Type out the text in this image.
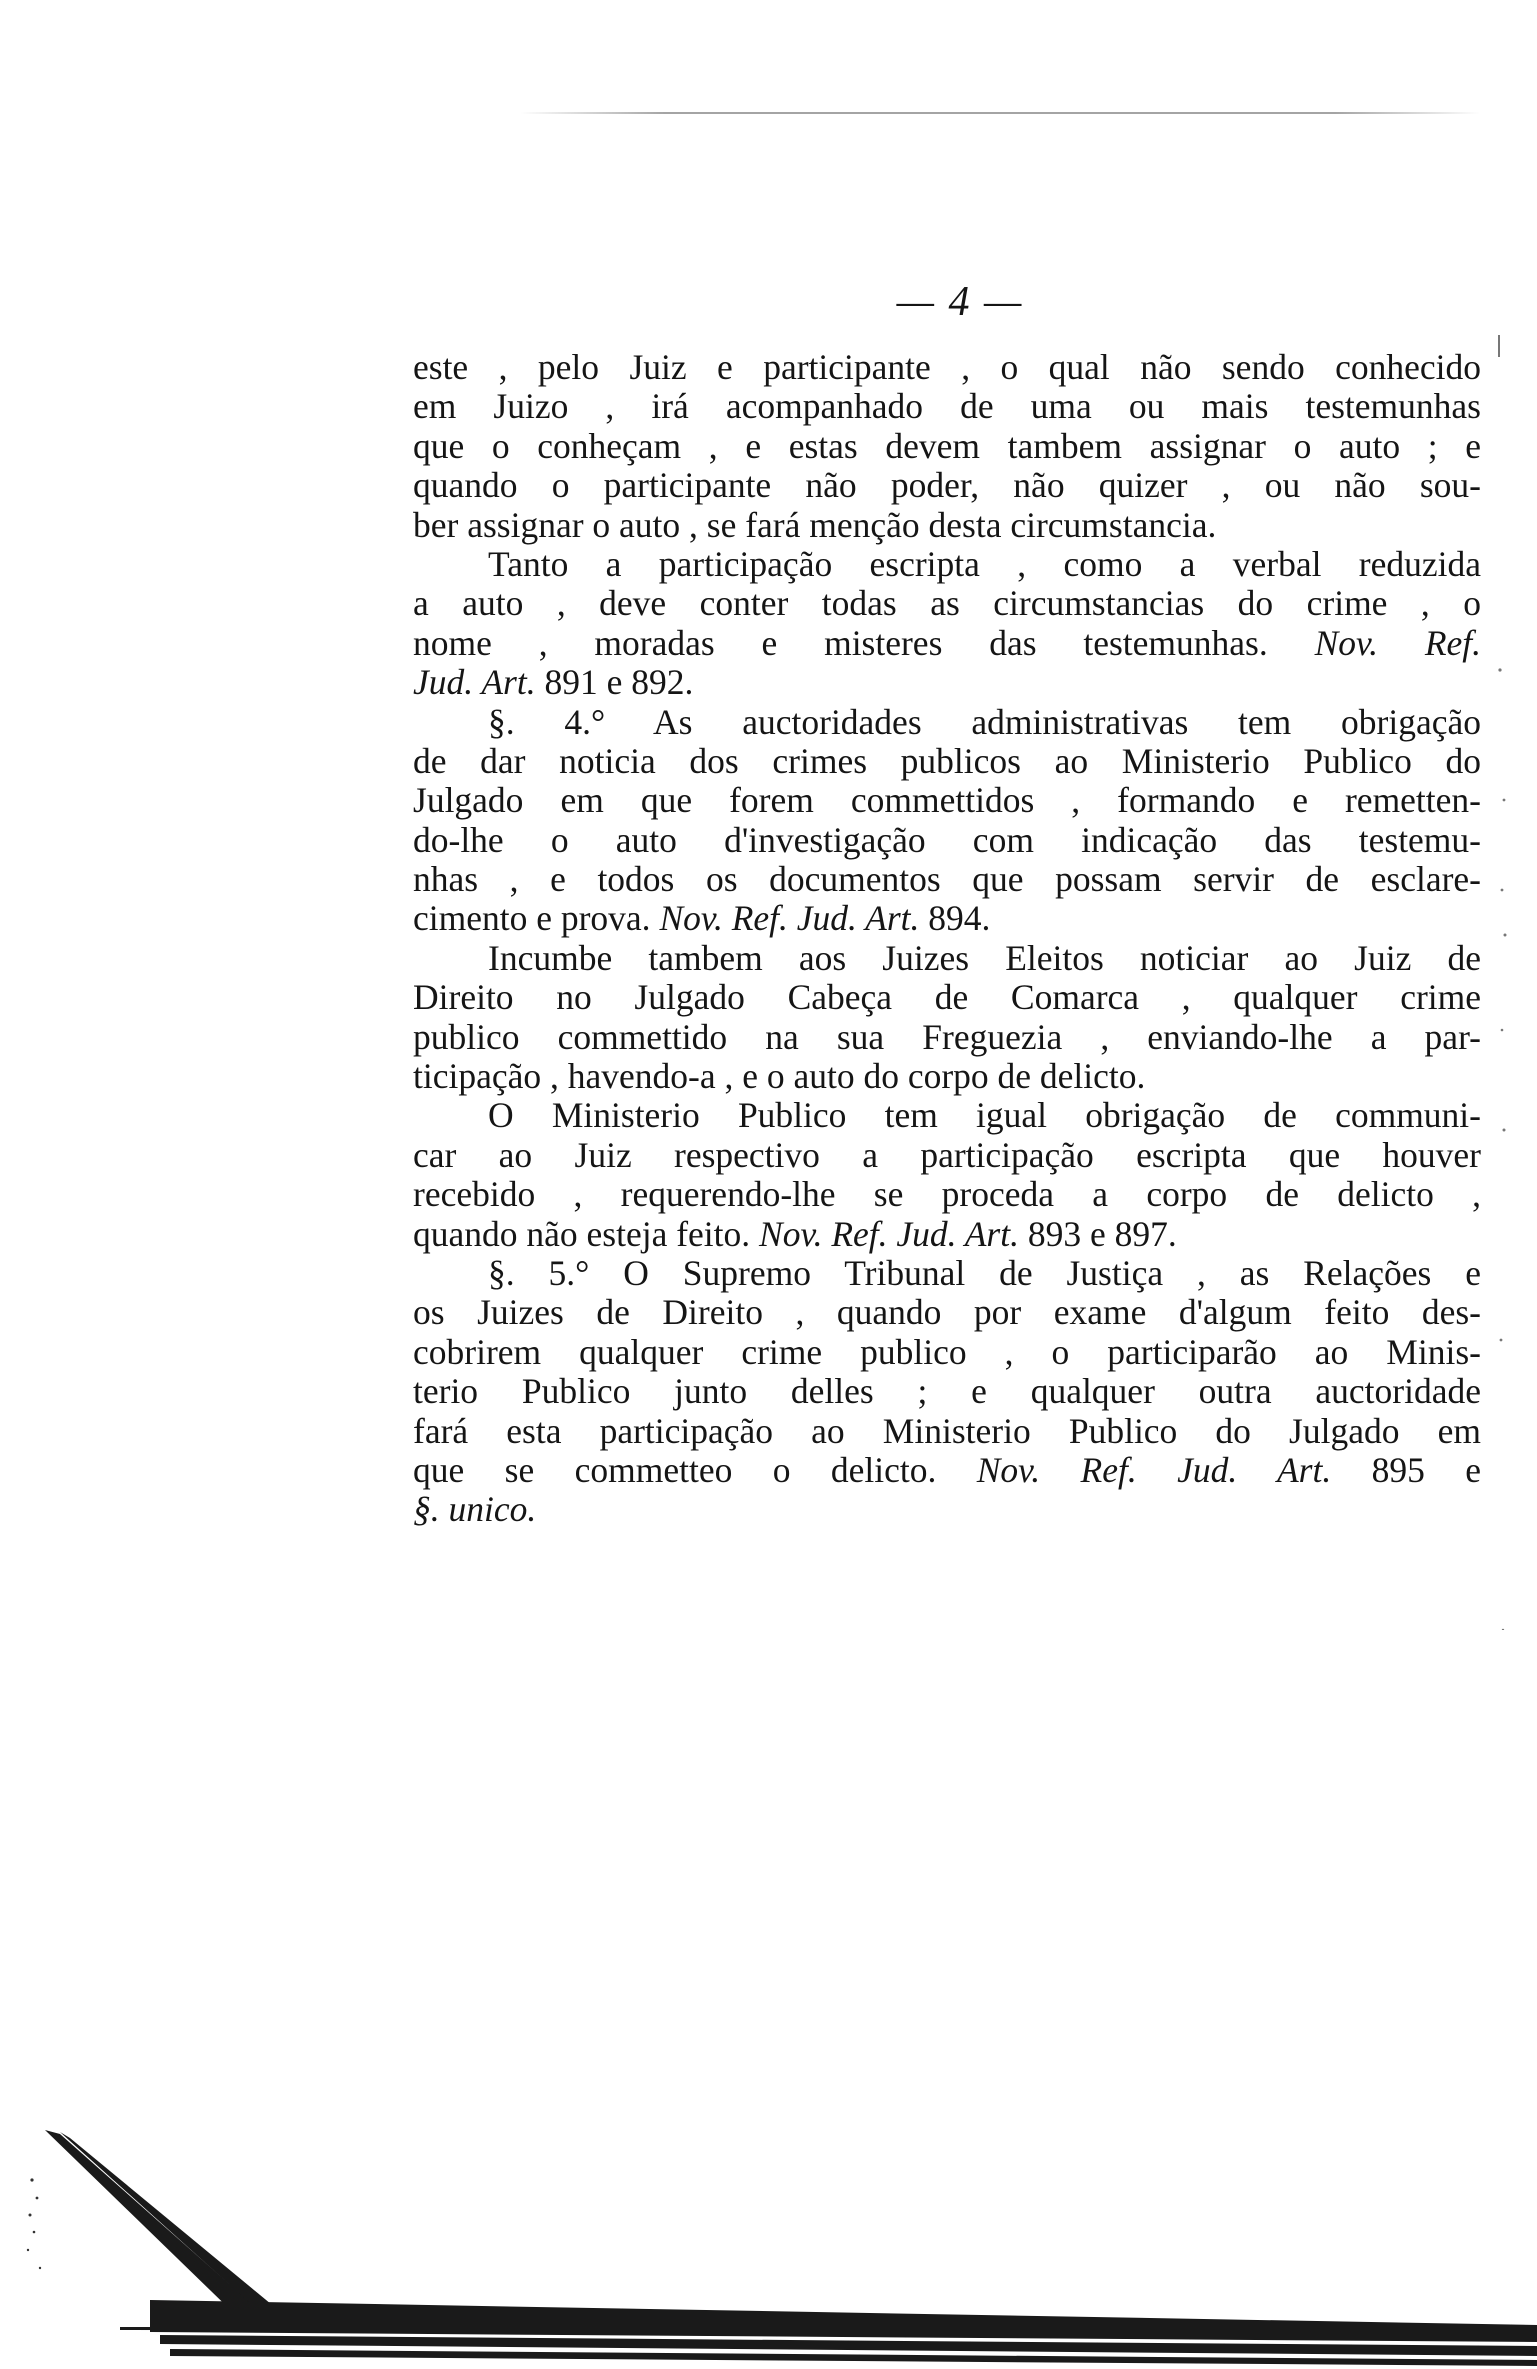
— 4 —
este , pelo Juiz e participante , o qual não sendo conhecido
em Juizo , irá acompanhado de uma ou mais testemunhas
que o conheçam , e estas devem tambem assignar o auto ; e
quando o participante não poder, não quizer , ou não sou-
ber assignar o auto , se fará menção desta circumstancia.
Tanto a participação escripta , como a verbal reduzida
a auto , deve conter todas as circumstancias do crime , o
nome , moradas e misteres das testemunhas. Nov. Ref.
Jud. Art. 891 e 892.
§. 4.° As auctoridades administrativas tem obrigação
de dar noticia dos crimes publicos ao Ministerio Publico do
Julgado em que forem commettidos , formando e remetten-
do-lhe o auto d'investigação com indicação das testemu-
nhas , e todos os documentos que possam servir de esclare-
cimento e prova. Nov. Ref. Jud. Art. 894.
Incumbe tambem aos Juizes Eleitos noticiar ao Juiz de
Direito no Julgado Cabeça de Comarca , qualquer crime
publico commettido na sua Freguezia , enviando-lhe a par-
ticipação , havendo-a , e o auto do corpo de delicto.
O Ministerio Publico tem igual obrigação de communi-
car ao Juiz respectivo a participação escripta que houver
recebido , requerendo-lhe se proceda a corpo de delicto ,
quando não esteja feito. Nov. Ref. Jud. Art. 893 e 897.
§. 5.° O Supremo Tribunal de Justiça , as Relações e
os Juizes de Direito , quando por exame d'algum feito des-
cobrirem qualquer crime publico , o participarão ao Minis-
terio Publico junto delles ; e qualquer outra auctoridade
fará esta participação ao Ministerio Publico do Julgado em
que se commetteo o delicto. Nov. Ref. Jud. Art. 895 e
§. unico.
